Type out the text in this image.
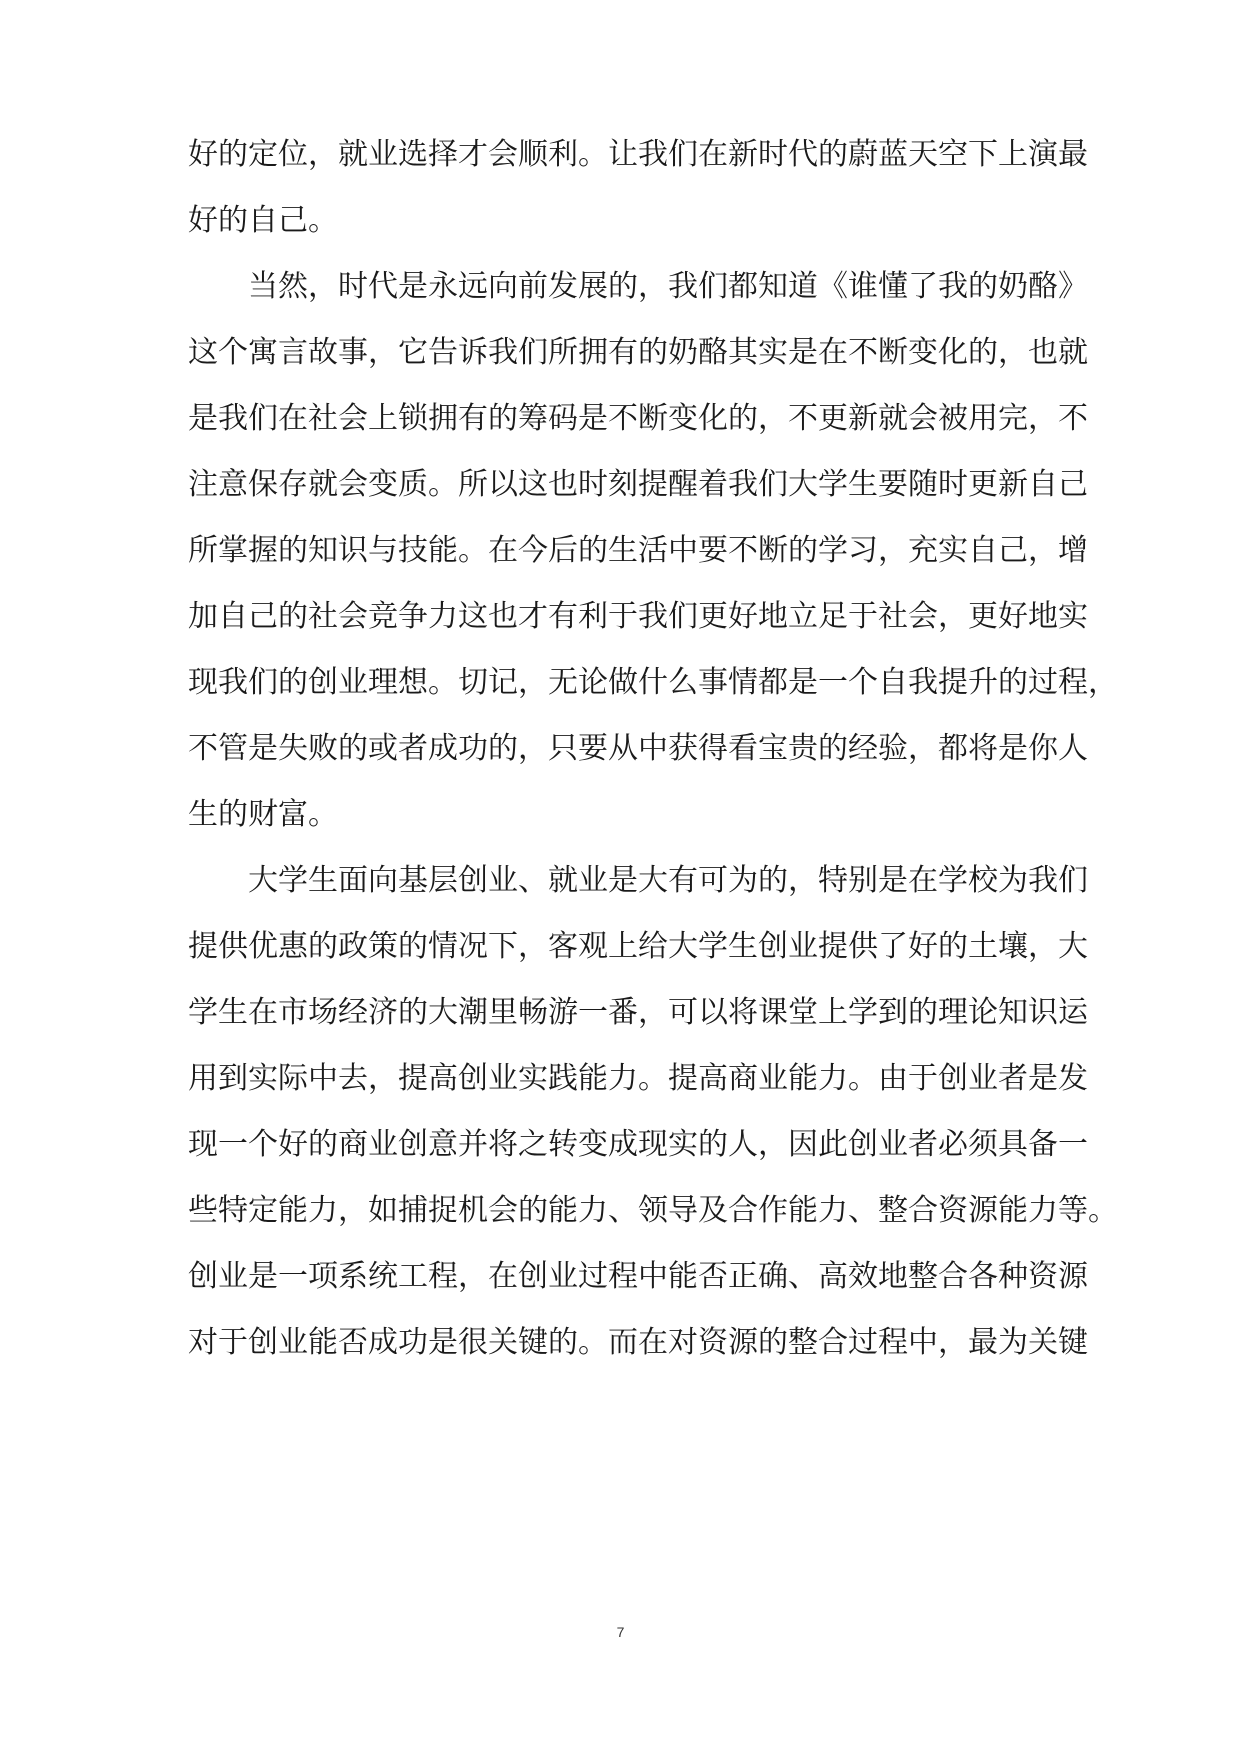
好的定位，就业选择才会顺利。让我们在新时代的蔚蓝天空下上演最
好的自己。
当然，时代是永远向前发展的，我们都知道《谁懂了我的奶酪》
这个寓言故事，它告诉我们所拥有的奶酪其实是在不断变化的，也就
是我们在社会上锁拥有的筹码是不断变化的，不更新就会被用完，不
注意保存就会变质。所以这也时刻提醒着我们大学生要随时更新自己
所掌握的知识与技能。在今后的生活中要不断的学习，充实自己，增
加自己的社会竞争力这也才有利于我们更好地立足于社会，更好地实
现我们的创业理想。切记，无论做什么事情都是一个自我提升的过程，
不管是失败的或者成功的，只要从中获得看宝贵的经验，都将是你人
生的财富。
大学生面向基层创业、就业是大有可为的，特别是在学校为我们
提供优惠的政策的情况下，客观上给大学生创业提供了好的土壤，大
学生在市场经济的大潮里畅游一番，可以将课堂上学到的理论知识运
用到实际中去，提高创业实践能力。提高商业能力。由于创业者是发
现一个好的商业创意并将之转变成现实的人，因此创业者必须具备一
些特定能力，如捕捉机会的能力、领导及合作能力、整合资源能力等。
创业是一项系统工程，在创业过程中能否正确、高效地整合各种资源
对于创业能否成功是很关键的。而在对资源的整合过程中，最为关键
7
